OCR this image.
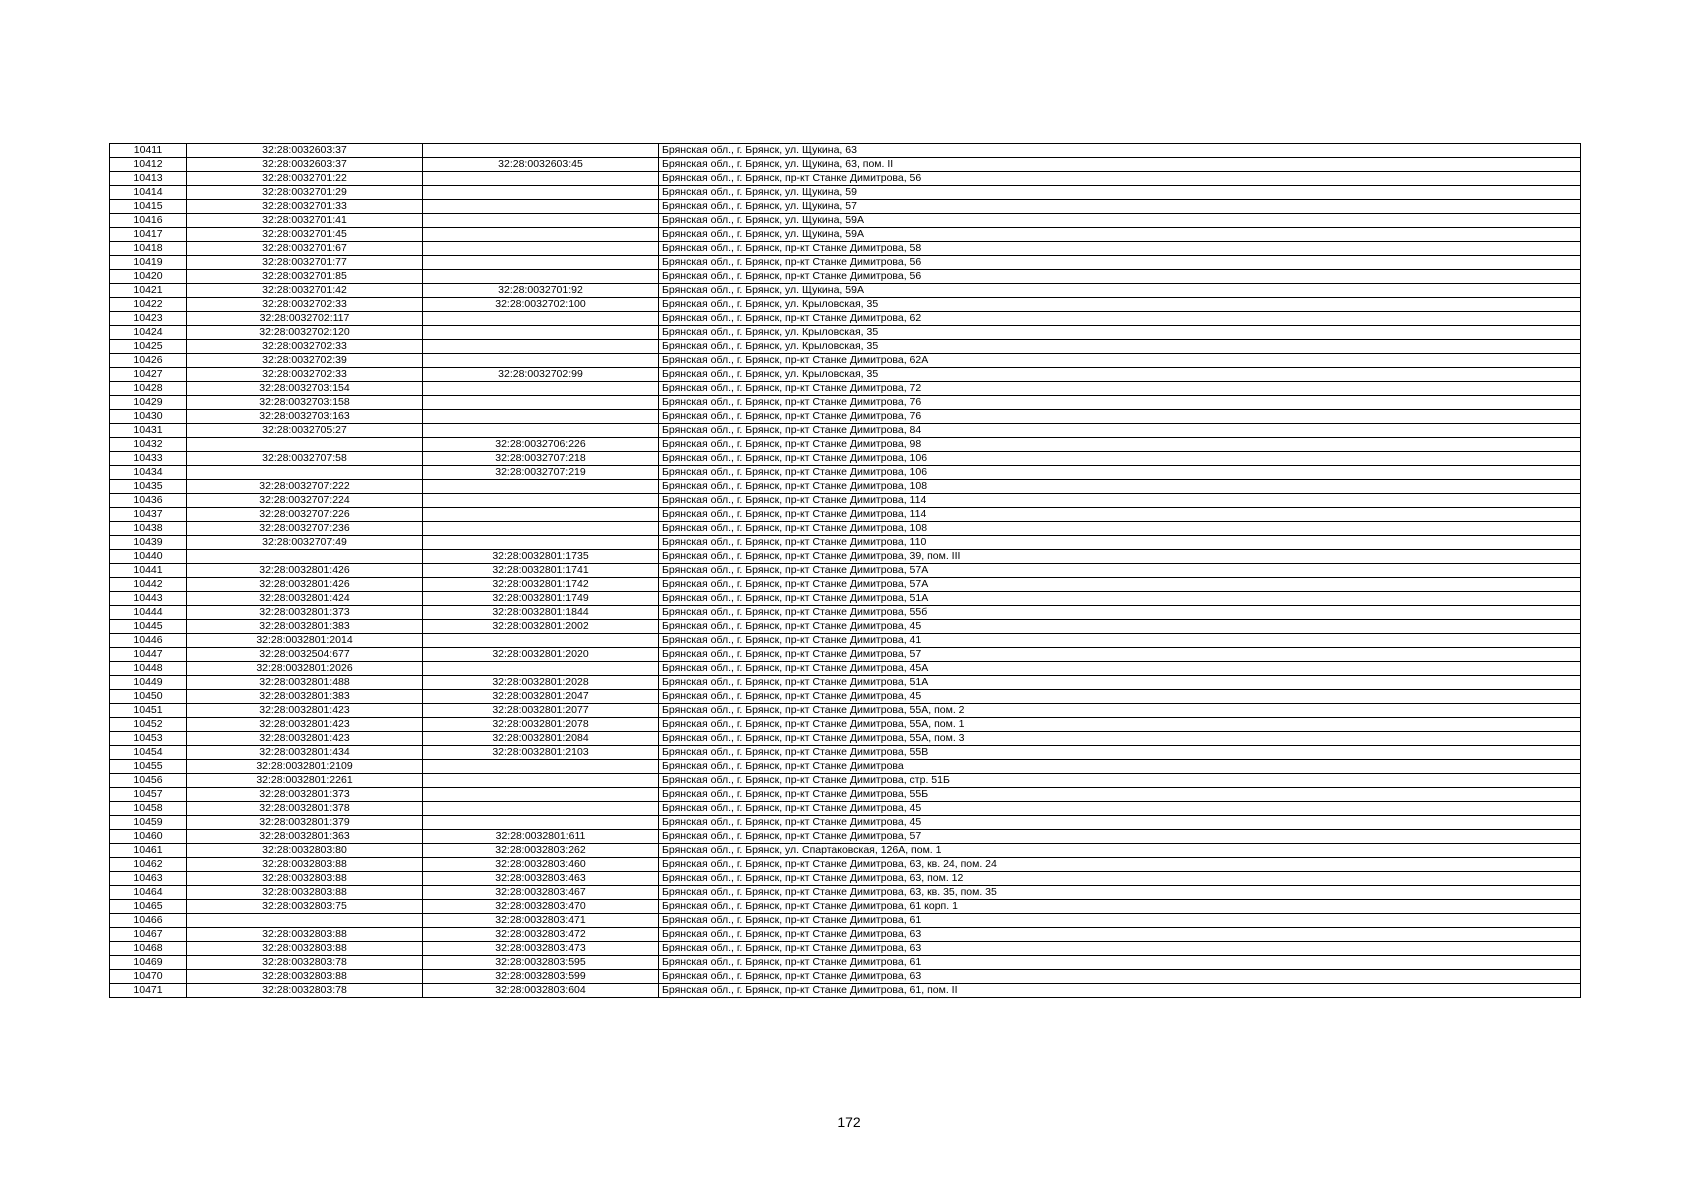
10411	32:28:0032603:37		Брянская обл., г. Брянск, ул. Щукина, 63
10412	32:28:0032603:37	32:28:0032603:45	Брянская обл., г. Брянск, ул. Щукина, 63, пом. II
10413	32:28:0032701:22		Брянская обл., г. Брянск, пр-кт Станке Димитрова, 56
10414	32:28:0032701:29		Брянская обл., г. Брянск, ул. Щукина, 59
10415	32:28:0032701:33		Брянская обл., г. Брянск, ул. Щукина, 57
10416	32:28:0032701:41		Брянская обл., г. Брянск, ул. Щукина, 59А
10417	32:28:0032701:45		Брянская обл., г. Брянск, ул. Щукина, 59А
10418	32:28:0032701:67		Брянская обл., г. Брянск, пр-кт Станке Димитрова, 58
10419	32:28:0032701:77		Брянская обл., г. Брянск, пр-кт Станке Димитрова, 56
10420	32:28:0032701:85		Брянская обл., г. Брянск, пр-кт Станке Димитрова, 56
10421	32:28:0032701:42	32:28:0032701:92	Брянская обл., г. Брянск, ул. Щукина, 59А
10422	32:28:0032702:33	32:28:0032702:100	Брянская обл., г. Брянск, ул. Крыловская, 35
10423	32:28:0032702:117		Брянская обл., г. Брянск, пр-кт Станке Димитрова, 62
10424	32:28:0032702:120		Брянская обл., г. Брянск, ул. Крыловская, 35
10425	32:28:0032702:33		Брянская обл., г. Брянск, ул. Крыловская, 35
10426	32:28:0032702:39		Брянская обл., г. Брянск, пр-кт Станке Димитрова, 62А
10427	32:28:0032702:33	32:28:0032702:99	Брянская обл., г. Брянск, ул. Крыловская, 35
10428	32:28:0032703:154		Брянская обл., г. Брянск, пр-кт Станке Димитрова, 72
10429	32:28:0032703:158		Брянская обл., г. Брянск, пр-кт Станке Димитрова, 76
10430	32:28:0032703:163		Брянская обл., г. Брянск, пр-кт Станке Димитрова, 76
10431	32:28:0032705:27		Брянская обл., г. Брянск, пр-кт Станке Димитрова, 84
10432		32:28:0032706:226	Брянская обл., г. Брянск, пр-кт Станке Димитрова, 98
10433	32:28:0032707:58	32:28:0032707:218	Брянская обл., г. Брянск, пр-кт Станке Димитрова, 106
10434		32:28:0032707:219	Брянская обл., г. Брянск, пр-кт Станке Димитрова, 106
10435	32:28:0032707:222		Брянская обл., г. Брянск, пр-кт Станке Димитрова, 108
10436	32:28:0032707:224		Брянская обл., г. Брянск, пр-кт Станке Димитрова, 114
10437	32:28:0032707:226		Брянская обл., г. Брянск, пр-кт Станке Димитрова, 114
10438	32:28:0032707:236		Брянская обл., г. Брянск, пр-кт Станке Димитрова, 108
10439	32:28:0032707:49		Брянская обл., г. Брянск, пр-кт Станке Димитрова, 110
10440		32:28:0032801:1735	Брянская обл., г. Брянск, пр-кт Станке Димитрова, 39, пом. III
10441	32:28:0032801:426	32:28:0032801:1741	Брянская обл., г. Брянск, пр-кт Станке Димитрова, 57А
10442	32:28:0032801:426	32:28:0032801:1742	Брянская обл., г. Брянск, пр-кт Станке Димитрова, 57А
10443	32:28:0032801:424	32:28:0032801:1749	Брянская обл., г. Брянск, пр-кт Станке Димитрова, 51А
10444	32:28:0032801:373	32:28:0032801:1844	Брянская обл., г. Брянск, пр-кт Станке Димитрова, 55б
10445	32:28:0032801:383	32:28:0032801:2002	Брянская обл., г. Брянск, пр-кт Станке Димитрова, 45
10446	32:28:0032801:2014		Брянская обл., г. Брянск, пр-кт Станке Димитрова, 41
10447	32:28:0032504:677	32:28:0032801:2020	Брянская обл., г. Брянск, пр-кт Станке Димитрова, 57
10448	32:28:0032801:2026		Брянская обл., г. Брянск, пр-кт Станке Димитрова, 45А
10449	32:28:0032801:488	32:28:0032801:2028	Брянская обл., г. Брянск, пр-кт Станке Димитрова, 51А
10450	32:28:0032801:383	32:28:0032801:2047	Брянская обл., г. Брянск, пр-кт Станке Димитрова, 45
10451	32:28:0032801:423	32:28:0032801:2077	Брянская обл., г. Брянск, пр-кт Станке Димитрова, 55А, пом. 2
10452	32:28:0032801:423	32:28:0032801:2078	Брянская обл., г. Брянск, пр-кт Станке Димитрова, 55А, пом. 1
10453	32:28:0032801:423	32:28:0032801:2084	Брянская обл., г. Брянск, пр-кт Станке Димитрова, 55А, пом. 3
10454	32:28:0032801:434	32:28:0032801:2103	Брянская обл., г. Брянск, пр-кт Станке Димитрова, 55В
10455	32:28:0032801:2109		Брянская обл., г. Брянск, пр-кт Станке Димитрова
10456	32:28:0032801:2261		Брянская обл., г. Брянск, пр-кт Станке Димитрова, стр. 51Б
10457	32:28:0032801:373		Брянская обл., г. Брянск, пр-кт Станке Димитрова, 55Б
10458	32:28:0032801:378		Брянская обл., г. Брянск, пр-кт Станке Димитрова, 45
10459	32:28:0032801:379		Брянская обл., г. Брянск, пр-кт Станке Димитрова, 45
10460	32:28:0032801:363	32:28:0032801:611	Брянская обл., г. Брянск, пр-кт Станке Димитрова, 57
10461	32:28:0032803:80	32:28:0032803:262	Брянская обл., г. Брянск, ул. Спартаковская, 126А, пом. 1
10462	32:28:0032803:88	32:28:0032803:460	Брянская обл., г. Брянск, пр-кт Станке Димитрова, 63, кв. 24, пом. 24
10463	32:28:0032803:88	32:28:0032803:463	Брянская обл., г. Брянск, пр-кт Станке Димитрова, 63, пом. 12
10464	32:28:0032803:88	32:28:0032803:467	Брянская обл., г. Брянск, пр-кт Станке Димитрова, 63, кв. 35, пом. 35
10465	32:28:0032803:75	32:28:0032803:470	Брянская обл., г. Брянск, пр-кт Станке Димитрова, 61 корп. 1
10466		32:28:0032803:471	Брянская обл., г. Брянск, пр-кт Станке Димитрова, 61
10467	32:28:0032803:88	32:28:0032803:472	Брянская обл., г. Брянск, пр-кт Станке Димитрова, 63
10468	32:28:0032803:88	32:28:0032803:473	Брянская обл., г. Брянск, пр-кт Станке Димитрова, 63
10469	32:28:0032803:78	32:28:0032803:595	Брянская обл., г. Брянск, пр-кт Станке Димитрова, 61
10470	32:28:0032803:88	32:28:0032803:599	Брянская обл., г. Брянск, пр-кт Станке Димитрова, 63
10471	32:28:0032803:78	32:28:0032803:604	Брянская обл., г. Брянск, пр-кт Станке Димитрова, 61, пом. II
172
